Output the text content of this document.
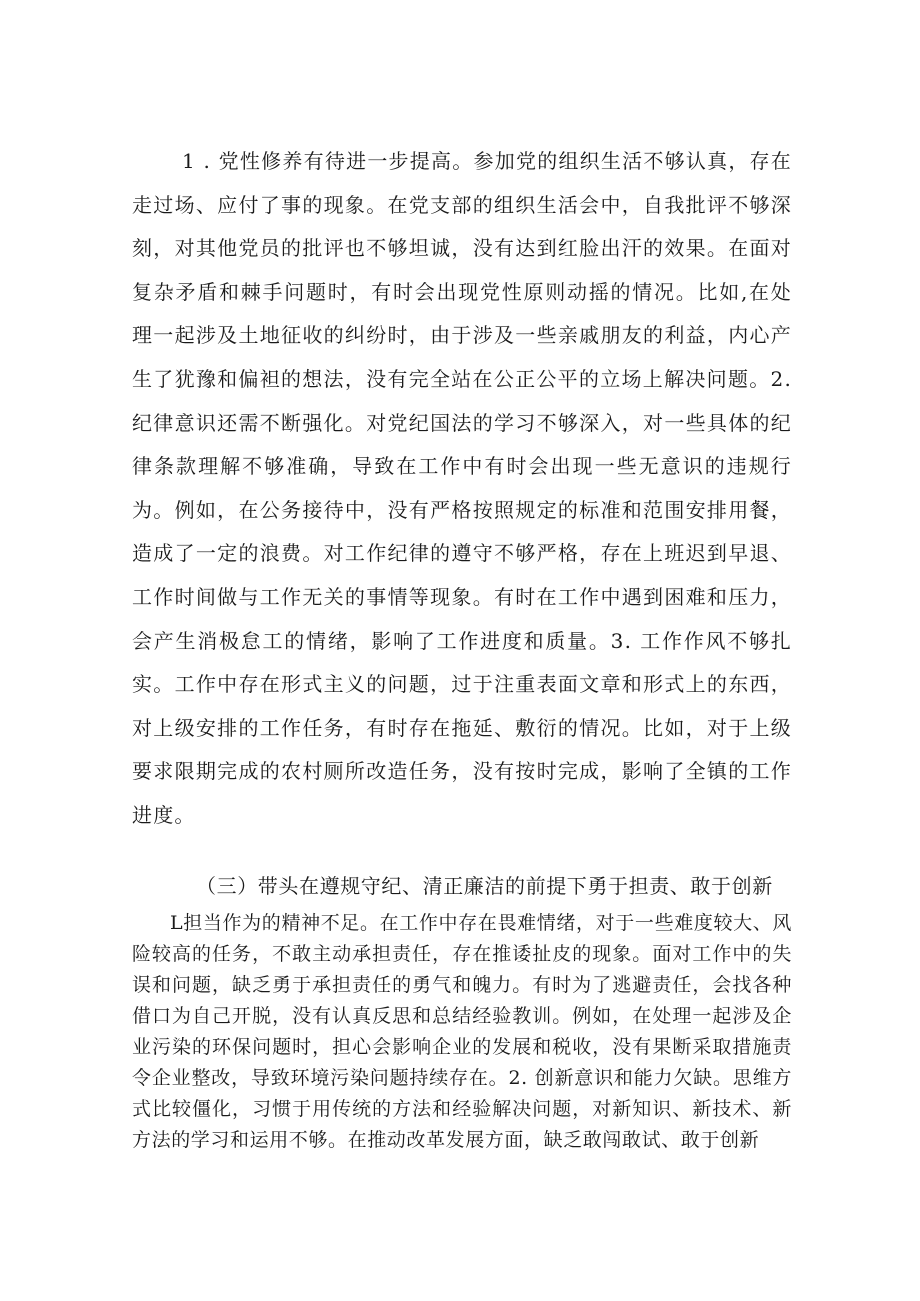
1 . 党性修养有待进一步提高。参加党的组织生活不够认真，存在走过场、应付了事的现象。在党支部的组织生活会中，自我批评不够深刻，对其他党员的批评也不够坦诚，没有达到红脸出汗的效果。在面对复杂矛盾和棘手问题时，有时会出现党性原则动摇的情况。比如,在处理一起涉及土地征收的纠纷时，由于涉及一些亲戚朋友的利益，内心产生了犹豫和偏袒的想法，没有完全站在公正公平的立场上解决问题。2. 纪律意识还需不断强化。对党纪国法的学习不够深入，对一些具体的纪律条款理解不够准确，导致在工作中有时会出现一些无意识的违规行为。例如，在公务接待中，没有严格按照规定的标准和范围安排用餐，造成了一定的浪费。对工作纪律的遵守不够严格，存在上班迟到早退、工作时间做与工作无关的事情等现象。有时在工作中遇到困难和压力，会产生消极怠工的情绪，影响了工作进度和质量。3. 工作作风不够扎实。工作中存在形式主义的问题，过于注重表面文章和形式上的东西，对上级安排的工作任务，有时存在拖延、敷衍的情况。比如，对于上级要求限期完成的农村厕所改造任务，没有按时完成，影响了全镇的工作进度。

（三）带头在遵规守纪、清正廉洁的前提下勇于担责、敢于创新

L担当作为的精神不足。在工作中存在畏难情绪，对于一些难度较大、风险较高的任务，不敢主动承担责任，存在推诿扯皮的现象。面对工作中的失误和问题，缺乏勇于承担责任的勇气和魄力。有时为了逃避责任，会找各种借口为自己开脱，没有认真反思和总结经验教训。例如，在处理一起涉及企业污染的环保问题时，担心会影响企业的发展和税收，没有果断采取措施责令企业整改，导致环境污染问题持续存在。2. 创新意识和能力欠缺。思维方式比较僵化，习惯于用传统的方法和经验解决问题，对新知识、新技术、新方法的学习和运用不够。在推动改革发展方面，缺乏敢闯敢试、敢于创新
